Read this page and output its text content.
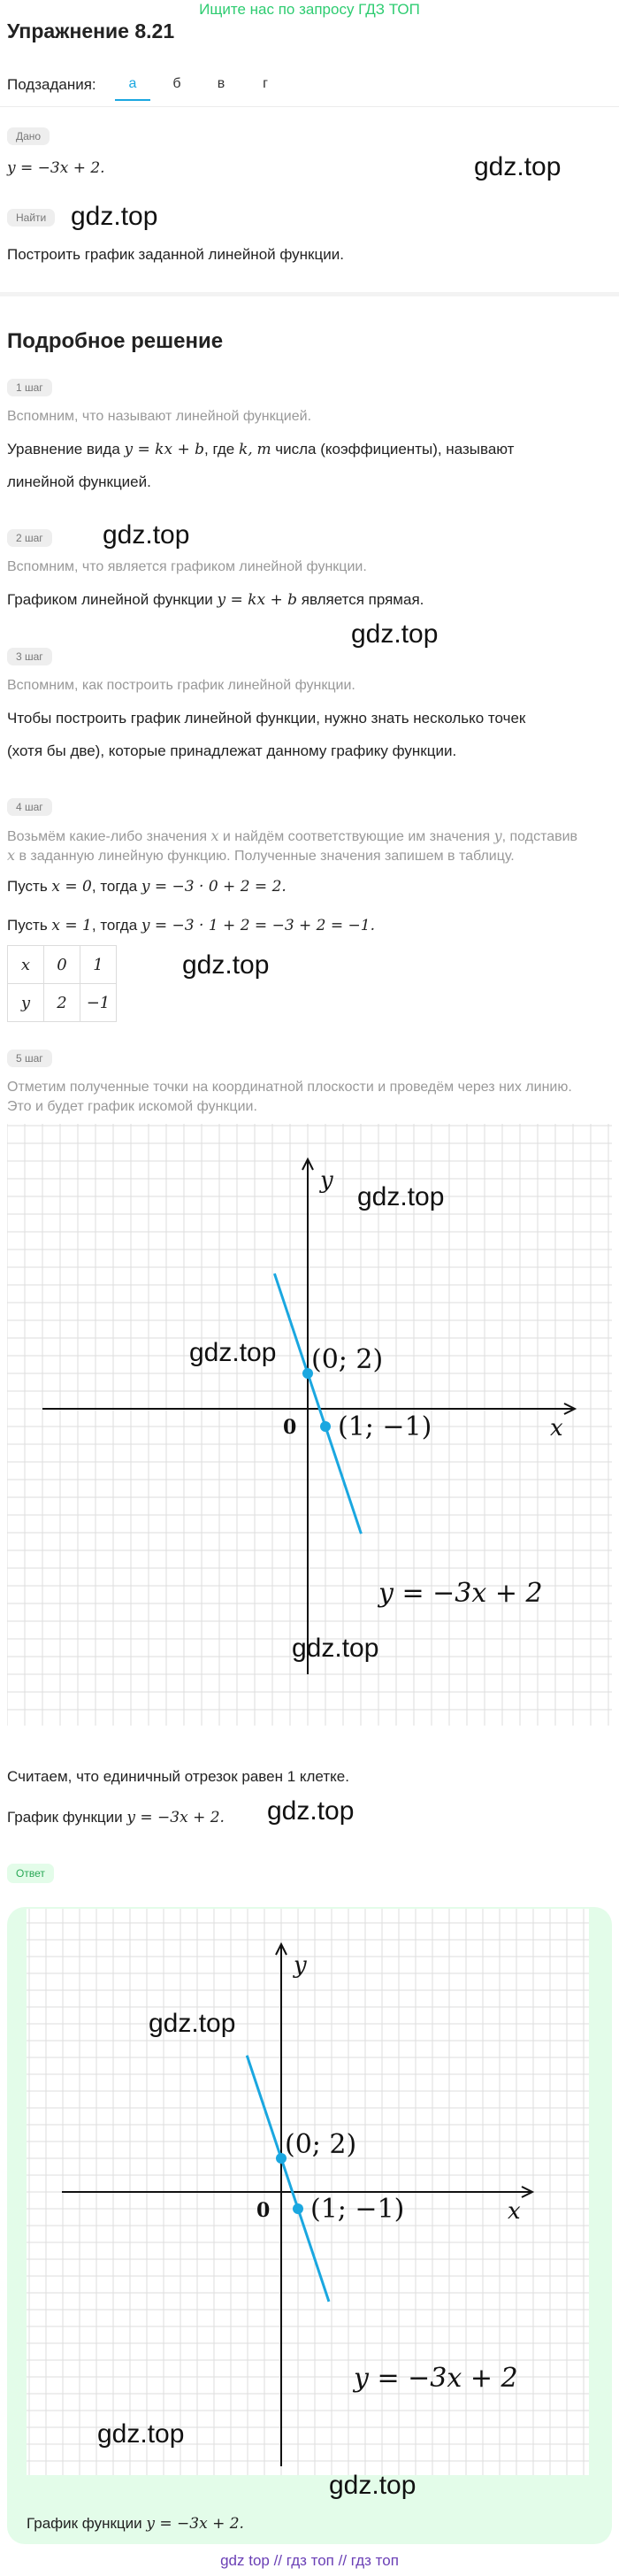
Ищите нас по запросу ГДЗ ТОП
Упражнение 8.21
Подзадания:	а	б	в	г
Дано
y = −3x + 2.	gdz.top
Найти gdz.top
Построить график заданной линейной функции.
Подробное решение
1 шаг
Вспомним, что называют линейной функцией.
Уравнение вида y = kx + b, где k, m числа (коэффициенты), называют
линейной функцией.
2 шаг	gdz.top
Вспомним, что является графиком линейной функции.
Графиком линейной функции y = kx + b является прямая.
gdz.top
3 шаг
Вспомним, как построить график линейной функции.
Чтобы построить график линейной функции, нужно знать несколько точек
(хотя бы две), которые принадлежат данному графику функции.
4 шаг
Возьмём какие-либо значения x и найдём соответствующие им значения y, подставив
x в заданную линейную функцию. Полученные значения запишем в таблицу.
Пусть x = 0, тогда y = −3 · 0 + 2 = 2.
Пусть x = 1, тогда y = −3 · 1 + 2 = −3 + 2 = −1.
x	0	1
y	2	−1
gdz.top
5 шаг
Отметим полученные точки на координатной плоскости и проведём через них линию.
Это и будет график искомой функции.
x
y
0
(0; 2)
(1; −1)
y = −3x + 2
gdz.top
gdz.top
gdz.top
Считаем, что единичный отрезок равен 1 клетке.
График функции y = −3x + 2. gdz.top
Ответ
x
y
0
(0; 2)
(1; −1)
y = −3x + 2
gdz.top
gdz.top
gdz.top
График функции y = −3x + 2.
gdz top // гдз топ // гдз топ
